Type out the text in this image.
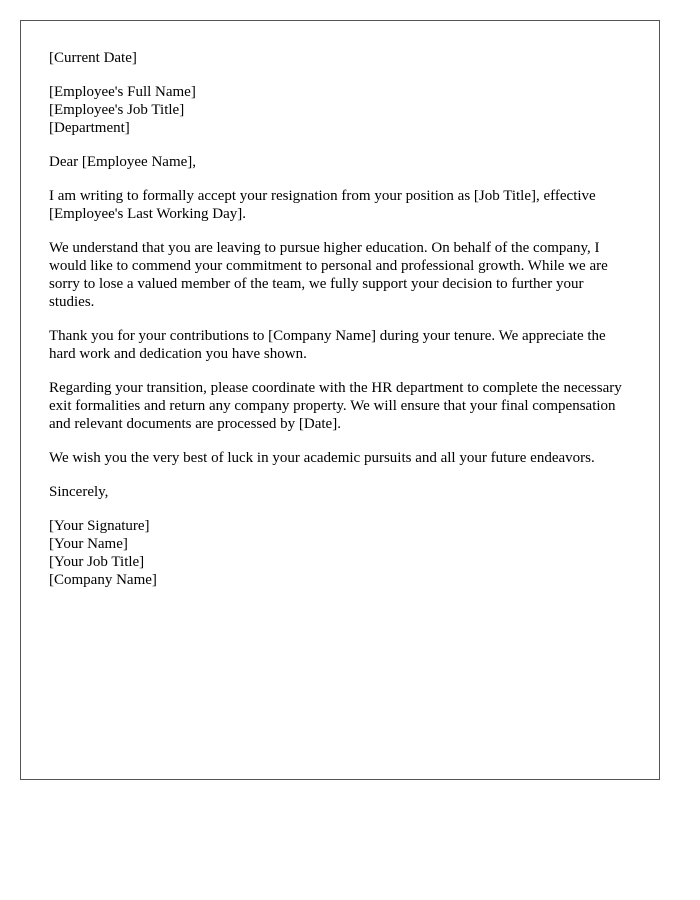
[Current Date]

[Employee's Full Name]
[Employee's Job Title]
[Department]

Dear [Employee Name],

I am writing to formally accept your resignation from your position as [Job Title], effective [Employee's Last Working Day].

We understand that you are leaving to pursue higher education. On behalf of the company, I would like to commend your commitment to personal and professional growth. While we are sorry to lose a valued member of the team, we fully support your decision to further your studies.

Thank you for your contributions to [Company Name] during your tenure. We appreciate the hard work and dedication you have shown.

Regarding your transition, please coordinate with the HR department to complete the necessary exit formalities and return any company property. We will ensure that your final compensation and relevant documents are processed by [Date].

We wish you the very best of luck in your academic pursuits and all your future endeavors.

Sincerely,

[Your Signature]
[Your Name]
[Your Job Title]
[Company Name]
